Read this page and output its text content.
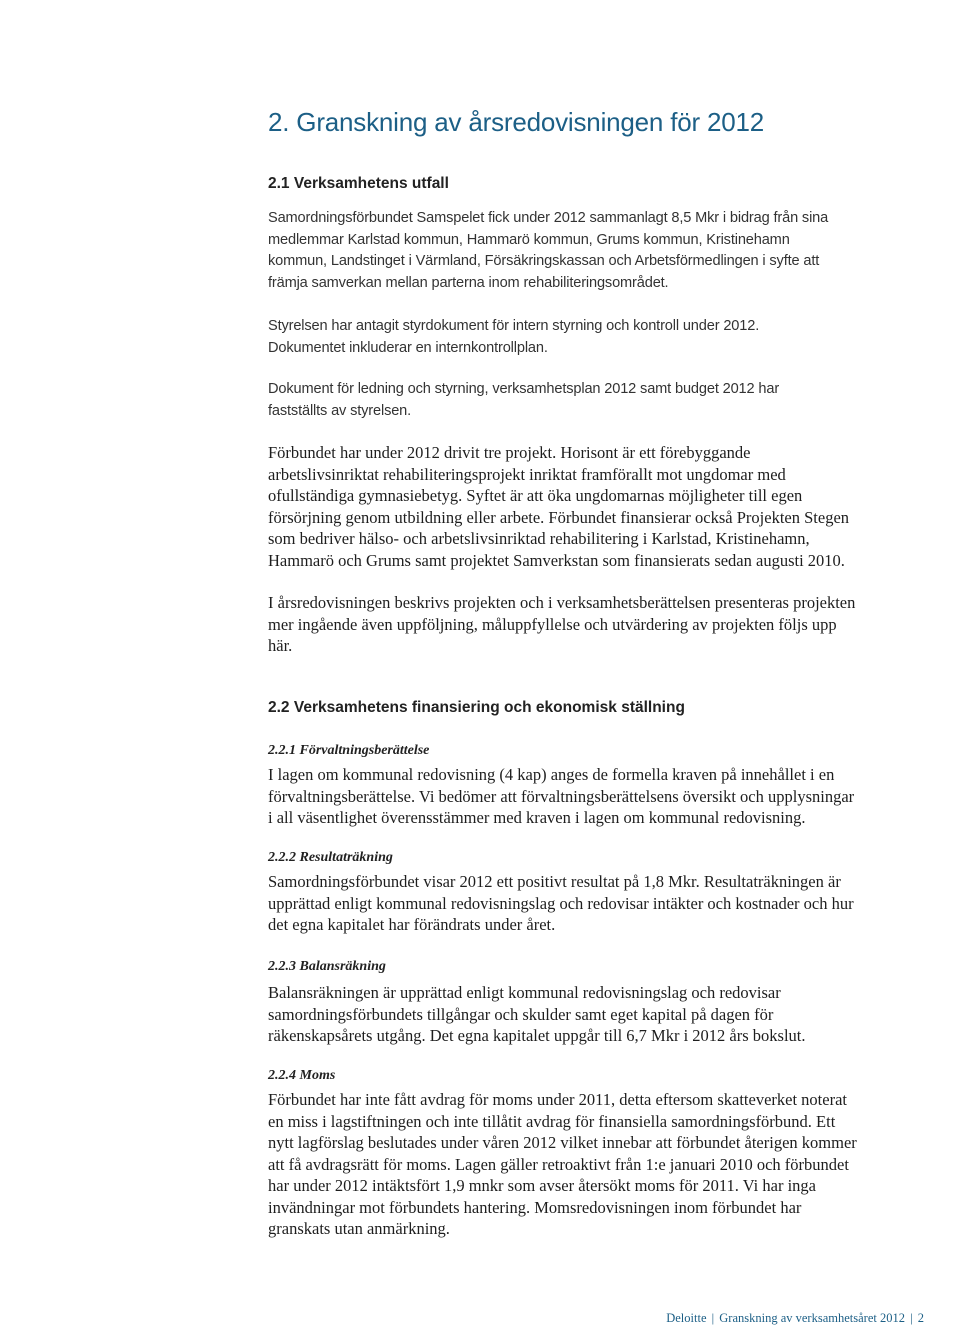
2. Granskning av årsredovisningen för 2012
2.1 Verksamhetens utfall

Samordningsförbundet Samspelet fick under 2012 sammanlagt 8,5 Mkr i bidrag från sina
medlemmar Karlstad kommun, Hammarö kommun, Grums kommun, Kristinehamn
kommun, Landstinget i Värmland, Försäkringskassan och Arbetsförmedlingen i syfte att
främja samverkan mellan parterna inom rehabiliteringsområdet.

Styrelsen har antagit styrdokument för intern styrning och kontroll under 2012.
Dokumentet inkluderar en internkontrollplan.

Dokument för ledning och styrning, verksamhetsplan 2012 samt budget 2012 har
fastställts av styrelsen.

Förbundet har under 2012 drivit tre projekt. Horisont är ett förebyggande
arbetslivsinriktat rehabiliteringsprojekt inriktat framförallt mot ungdomar med
ofullständiga gymnasiebetyg. Syftet är att öka ungdomarnas möjligheter till egen
försörjning genom utbildning eller arbete. Förbundet finansierar också Projekten Stegen
som bedriver hälso- och arbetslivsinriktad rehabilitering i Karlstad, Kristinehamn,
Hammarö och Grums samt projektet Samverkstan som finansierats sedan augusti 2010.

I årsredovisningen beskrivs projekten och i verksamhetsberättelsen presenteras projekten
mer ingående även uppföljning, måluppfyllelse och utvärdering av projekten följs upp
här.

2.2 Verksamhetens finansiering och ekonomisk ställning
2.2.1 Förvaltningsberättelse

I lagen om kommunal redovisning (4 kap) anges de formella kraven på innehållet i en
förvaltningsberättelse. Vi bedömer att förvaltningsberättelsens översikt och upplysningar
i all väsentlighet överensstämmer med kraven i lagen om kommunal redovisning.

2.2.2 Resultaträkning

Samordningsförbundet visar 2012 ett positivt resultat på 1,8 Mkr. Resultaträkningen är
upprättad enligt kommunal redovisningslag och redovisar intäkter och kostnader och hur
det egna kapitalet har förändrats under året.

2.2.3 Balansräkning

Balansräkningen är upprättad enligt kommunal redovisningslag och redovisar
samordningsförbundets tillgångar och skulder samt eget kapital på dagen för
räkenskapsårets utgång. Det egna kapitalet uppgår till 6,7 Mkr i 2012 års bokslut.

2.2.4 Moms

Förbundet har inte fått avdrag för moms under 2011, detta eftersom skatteverket noterat
en miss i lagstiftningen och inte tillåtit avdrag för finansiella samordningsförbund. Ett
nytt lagförslag beslutades under våren 2012 vilket innebar att förbundet återigen kommer
att få avdragsrätt för moms. Lagen gäller retroaktivt från 1:e januari 2010 och förbundet
har under 2012 intäktsfört 1,9 mnkr som avser återsökt moms för 2011. Vi har inga
invändningar mot förbundets hantering. Momsredovisningen inom förbundet har
granskats utan anmärkning.

Deloitte | Granskning av verksamhetsåret 2012 | 2
